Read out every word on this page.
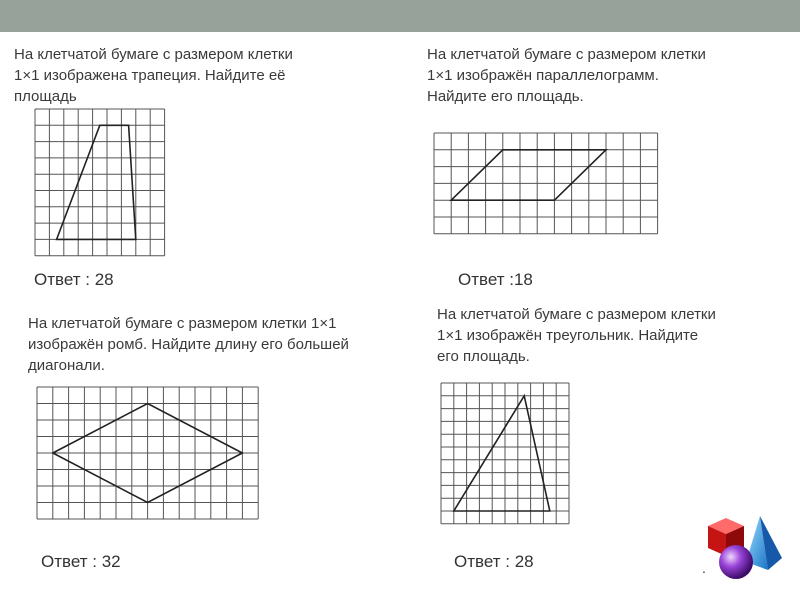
На клетчатой бумаге с размером клетки
1×1 изображена трапеция. Найдите её
площадь

Ответ : 28

На клетчатой бумаге с размером клетки
1×1 изображён параллелограмм.
Найдите его площадь.

Ответ :18

На клетчатой бумаге с размером клетки 1×1
изображён ромб. Найдите длину его большей
диагонали.

Ответ : 32

На клетчатой бумаге с размером клетки
1×1 изображён треугольник. Найдите
его площадь.

Ответ : 28	.
